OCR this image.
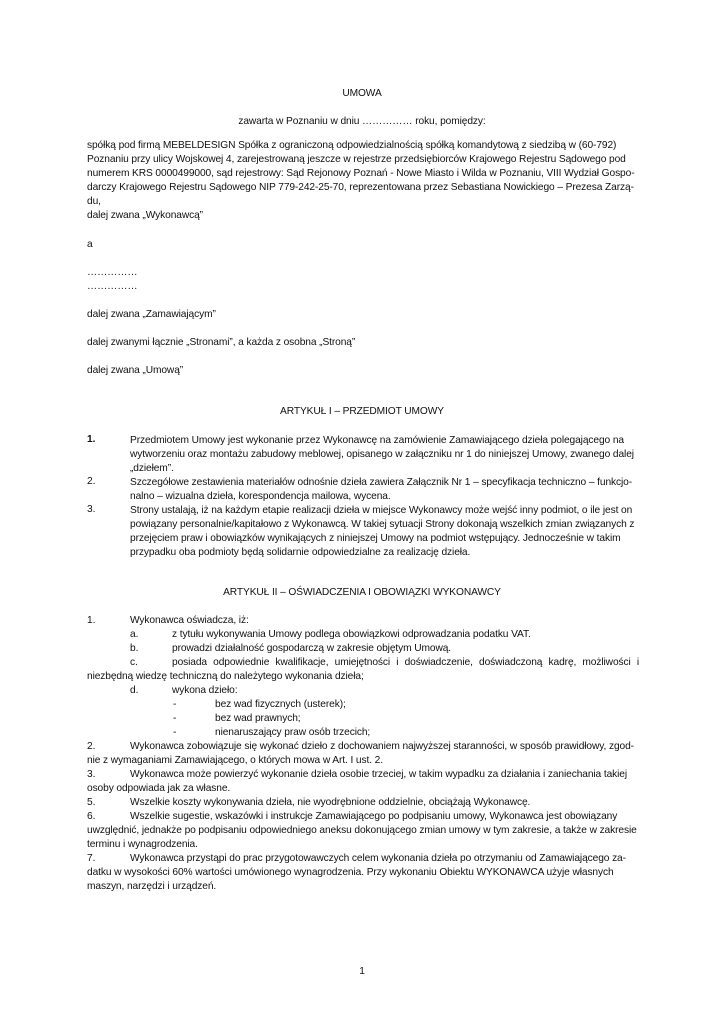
UMOWA
zawarta w Poznaniu w dniu …………… roku, pomiędzy:
spółką pod firmą MEBELDESIGN Spółka z ograniczoną odpowiedzialnością spółką komandytową z siedzibą w (60-792)
Poznaniu przy ulicy Wojskowej 4, zarejestrowaną jeszcze w rejestrze przedsiębiorców Krajowego Rejestru Sądowego pod
numerem KRS 0000499000, sąd rejestrowy: Sąd Rejonowy Poznań - Nowe Miasto i Wilda w Poznaniu, VIII Wydział Gospo-
darczy Krajowego Rejestru Sądowego NIP 779-242-25-70, reprezentowana przez Sebastiana Nowickiego – Prezesa Zarzą-
du,
dalej zwana „Wykonawcą”
a
……………
……………
dalej zwana „Zamawiającym”
dalej zwanymi łącznie „Stronami”, a każda z osobna „Stroną”
dalej zwana „Umową”
ARTYKUŁ I – PRZEDMIOT UMOWY
1.	Przedmiotem Umowy jest wykonanie przez Wykonawcę na zamówienie Zamawiającego dzieła polegającego na
wytworzeniu oraz montażu zabudowy meblowej, opisanego w załączniku nr 1 do niniejszej Umowy, zwanego dalej
„dziełem”.
2.	Szczegółowe zestawienia materiałów odnośnie dzieła zawiera Załącznik Nr 1 – specyfikacja techniczno – funkcjo-
nalno – wizualna dzieła, korespondencja mailowa, wycena.
3.	Strony ustalają, iż na każdym etapie realizacji dzieła w miejsce Wykonawcy może wejść inny podmiot, o ile jest on
powiązany personalnie/kapitałowo z Wykonawcą. W takiej sytuacji Strony dokonają wszelkich zmian związanych z
przejęciem praw i obowiązków wynikających z niniejszej Umowy na podmiot wstępujący. Jednocześnie w takim
przypadku oba podmioty będą solidarnie odpowiedzialne za realizację dzieła.
ARTYKUŁ II – OŚWIADCZENIA I OBOWIĄZKI WYKONAWCY
1.	Wykonawca oświadcza, iż:
a.	z tytułu wykonywania Umowy podlega obowiązkowi odprowadzania podatku VAT.
b.	prowadzi działalność gospodarczą w zakresie objętym Umową.
c.	posiada odpowiednie kwalifikacje, umiejętności i doświadczenie, doświadczoną kadrę, możliwości i
niezbędną wiedzę techniczną do należytego wykonania dzieła;
d.	wykona dzieło:
-	bez wad fizycznych (usterek);
-	bez wad prawnych;
-	nienaruszający praw osób trzecich;
2.	Wykonawca zobowiązuje się wykonać dzieło z dochowaniem najwyższej staranności, w sposób prawidłowy, zgod-
nie z wymaganiami Zamawiającego, o których mowa w Art. I ust. 2.
3.	Wykonawca może powierzyć wykonanie dzieła osobie trzeciej, w takim wypadku za działania i zaniechania takiej
osoby odpowiada jak za własne.
5.	Wszelkie koszty wykonywania dzieła, nie wyodrębnione oddzielnie, obciążają Wykonawcę.
6.	Wszelkie sugestie, wskazówki i instrukcje Zamawiającego po podpisaniu umowy, Wykonawca jest obowiązany
uwzględnić, jednakże po podpisaniu odpowiedniego aneksu dokonującego zmian umowy w tym zakresie, a także w zakresie
terminu i wynagrodzenia.
7.	Wykonawca przystąpi do prac przygotowawczych celem wykonania dzieła po otrzymaniu od Zamawiającego za-
datku w wysokości 60% wartości umówionego wynagrodzenia. Przy wykonaniu Obiektu WYKONAWCA użyje własnych
maszyn, narzędzi i urządzeń.
1
